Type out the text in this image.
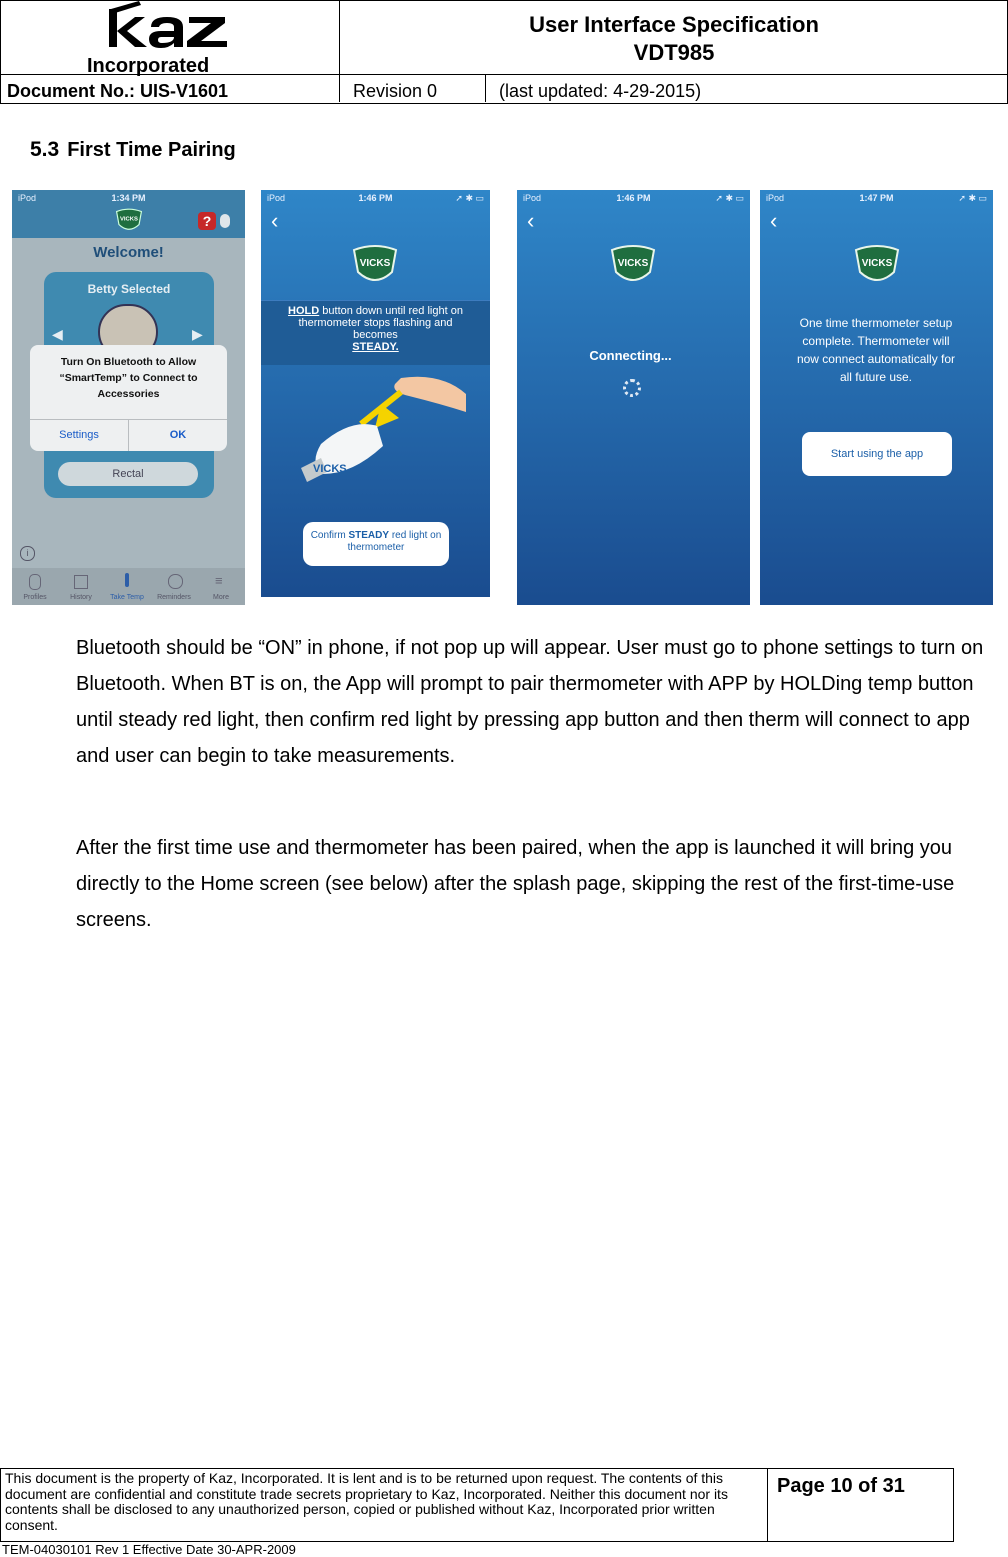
Incorporated
User Interface Specification
VDT985
Document No.: UIS-V1601	Revision 0	(last updated: 4-29-2015)
5.3 First Time Pairing
iPod	1:34 PM
VICKS	?
Welcome!
Betty Selected
◀	▶
Turn On Bluetooth to Allow “SmartTemp” to Connect to Accessories
Settings	OK
Rectal
i
Profiles	History	Take Temp	Reminders	More
≡
iPod	1:46 PM	➚ ✱ ▭
‹
VICKS
HOLD button down until red light on thermometer stops flashing and becomes
STEADY.
VICKS
Confirm STEADY red light on thermometer
iPod	1:46 PM	➚ ✱ ▭
‹
VICKS
Connecting...
iPod	1:47 PM	➚ ✱ ▭
‹
VICKS
One time thermometer setup complete. Thermometer will now connect automatically for all future use.
Start using the app
Bluetooth should be “ON” in phone, if not pop up will appear. User must go to phone settings to turn on Bluetooth. When BT is on, the App will prompt to pair thermometer with APP by HOLDing temp button until steady red light, then confirm red light by pressing app button and then therm will connect to app and user can begin to take measurements.
After the first time use and thermometer has been paired, when the app is launched it will bring you directly to the Home screen (see below) after the splash page, skipping the rest of the first-time-use screens.
This document is the property of Kaz, Incorporated. It is lent and is to be returned upon request. The contents of this document are confidential and constitute trade secrets proprietary to Kaz, Incorporated. Neither this document nor its contents shall be disclosed to any unauthorized person, copied or published without Kaz, Incorporated prior written consent.
Page 10 of 31
TEM-04030101 Rev 1 Effective Date 30-APR-2009
